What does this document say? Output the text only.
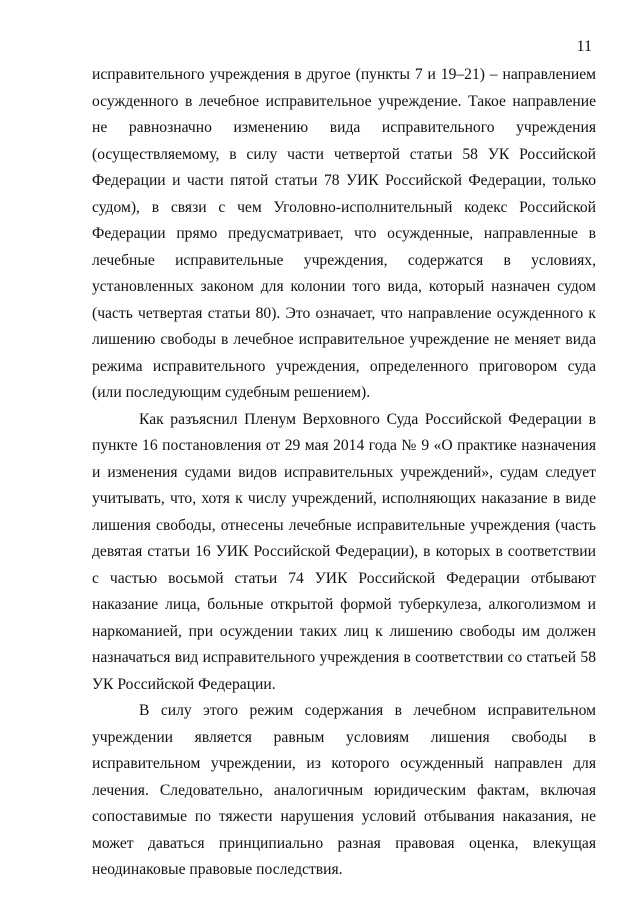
11
исправительного учреждения в другое (пункты 7 и 19–21) – направлением
осужденного в лечебное исправительное учреждение. Такое направление
не равнозначно изменению вида исправительного учреждения
(осуществляемому, в силу части четвертой статьи 58 УК Российской
Федерации и части пятой статьи 78 УИК Российской Федерации, только
судом), в связи с чем Уголовно-исполнительный кодекс Российской
Федерации прямо предусматривает, что осужденные, направленные в
лечебные исправительные учреждения, содержатся в условиях,
установленных законом для колонии того вида, который назначен судом
(часть четвертая статьи 80). Это означает, что направление осужденного к
лишению свободы в лечебное исправительное учреждение не меняет вида
режима исправительного учреждения, определенного приговором суда
(или последующим судебным решением).
Как разъяснил Пленум Верховного Суда Российской Федерации в
пункте 16 постановления от 29 мая 2014 года № 9 «О практике назначения
и изменения судами видов исправительных учреждений», судам следует
учитывать, что, хотя к числу учреждений, исполняющих наказание в виде
лишения свободы, отнесены лечебные исправительные учреждения (часть
девятая статьи 16 УИК Российской Федерации), в которых в соответствии
с частью восьмой статьи 74 УИК Российской Федерации отбывают
наказание лица, больные открытой формой туберкулеза, алкоголизмом и
наркоманией, при осуждении таких лиц к лишению свободы им должен
назначаться вид исправительного учреждения в соответствии со статьей 58
УК Российской Федерации.
В силу этого режим содержания в лечебном исправительном
учреждении является равным условиям лишения свободы в
исправительном учреждении, из которого осужденный направлен для
лечения. Следовательно, аналогичным юридическим фактам, включая
сопоставимые по тяжести нарушения условий отбывания наказания, не
может даваться принципиально разная правовая оценка, влекущая
неодинаковые правовые последствия.
